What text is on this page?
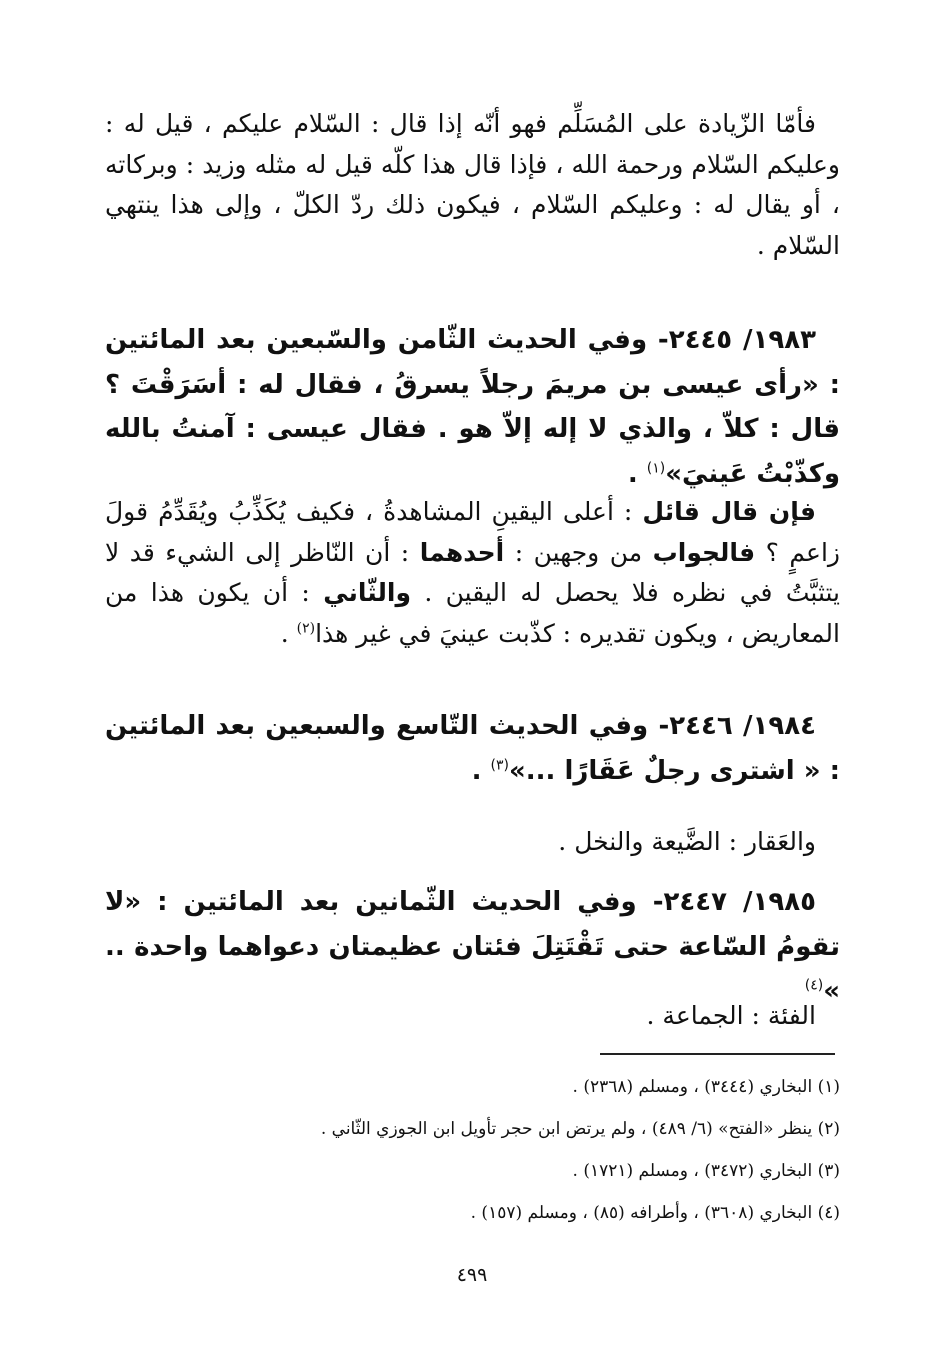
فأمّا الزّيادة على المُسَلِّم فهو أنّه إذا قال : السّلام عليكم ، قيل له : وعليكم السّلام ورحمة الله ، فإذا قال هذا كلّه قيل له مثله وزيد : وبركاته ، أو يقال له : وعليكم السّلام ، فيكون ذلك ردّ الكلّ ، وإلى هذا ينتهي السّلام .

١٩٨٣/ ٢٤٤٥- وفي الحديث الثّامن والسّبعين بعد المائتين : «رأى عيسى بن مريمَ رجلاً يسرقُ ، فقال له : أسَرَقْتَ ؟ قال : كلاّ ، والذي لا إله إلاّ هو . فقال عيسى : آمنتُ بالله وكذّبْتُ عَينيَ»$^{(١)}$ .

فإن قال قائل : أعلى اليقينِ المشاهدةُ ، فكيف يُكَذِّبُ ويُقَدِّمُ قولَ زاعمٍ ؟ فالجواب من وجهين : أحدهما : أن النّاظر إلى الشيء قد لا يتثبَّتُ في نظره فلا يحصل له اليقين . والثّاني : أن يكون هذا من المعاريض ، ويكون تقديره : كذّبت عينيَ في غير هذا$^{(٢)}$ .

١٩٨٤/ ٢٤٤٦- وفي الحديث التّاسع والسبعين بعد المائتين : « اشترى رجلٌ عَقَارًا ...»$^{(٣)}$ .

والعَقار : الضَّيعة والنخل .

١٩٨٥/ ٢٤٤٧- وفي الحديث الثّمانين بعد المائتين : «لا تقومُ السّاعة حتى تَقْتَتِلَ فئتان عظيمتان دعواهما واحدة .. »$^{(٤)}$

الفئة : الجماعة .

(١) البخاري (٣٤٤٤) ، ومسلم (٢٣٦٨) .
(٢) ينظر «الفتح» (٦/ ٤٨٩) ، ولم يرتض ابن حجر تأويل ابن الجوزي الثّاني .
(٣) البخاري (٣٤٧٢) ، ومسلم (١٧٢١) .
(٤) البخاري (٣٦٠٨) ، وأطرافه (٨٥) ، ومسلم (١٥٧) .
٤٩٩
